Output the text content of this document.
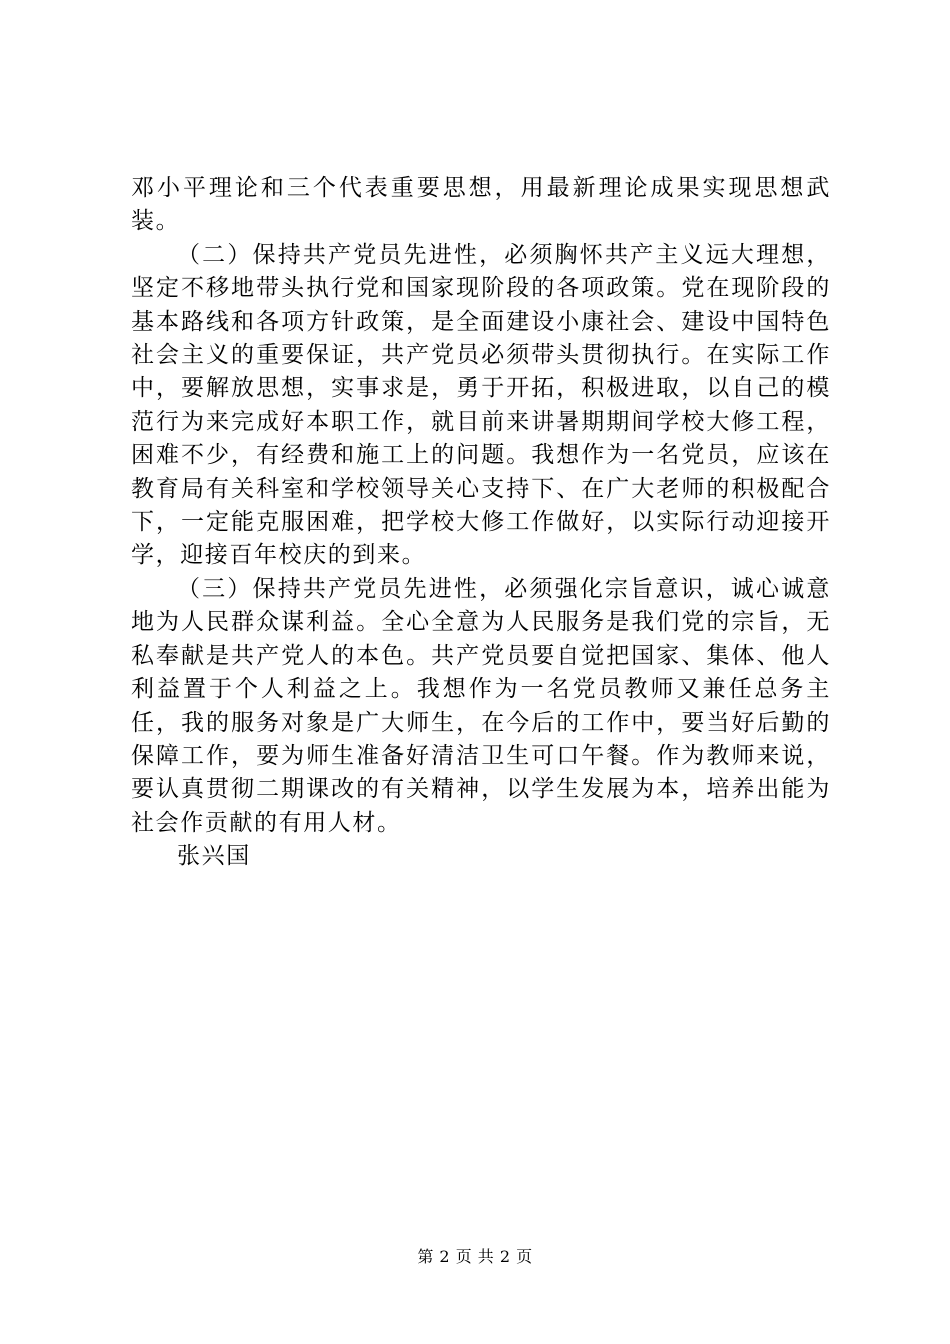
邓小平理论和三个代表重要思想，用最新理论成果实现思想武装。

（二）保持共产党员先进性，必须胸怀共产主义远大理想，坚定不移地带头执行党和国家现阶段的各项政策。党在现阶段的基本路线和各项方针政策，是全面建设小康社会、建设中国特色社会主义的重要保证，共产党员必须带头贯彻执行。在实际工作中，要解放思想，实事求是，勇于开拓，积极进取，以自己的模范行为来完成好本职工作，就目前来讲暑期期间学校大修工程，困难不少，有经费和施工上的问题。我想作为一名党员，应该在教育局有关科室和学校领导关心支持下、在广大老师的积极配合下，一定能克服困难，把学校大修工作做好，以实际行动迎接开学，迎接百年校庆的到来。

（三）保持共产党员先进性，必须强化宗旨意识，诚心诚意地为人民群众谋利益。全心全意为人民服务是我们党的宗旨，无私奉献是共产党人的本色。共产党员要自觉把国家、集体、他人利益置于个人利益之上。我想作为一名党员教师又兼任总务主任，我的服务对象是广大师生，在今后的工作中，要当好后勤的保障工作，要为师生准备好清洁卫生可口午餐。作为教师来说，要认真贯彻二期课改的有关精神，以学生发展为本，培养出能为社会作贡献的有用人材。

张兴国

第 2 页 共 2 页
